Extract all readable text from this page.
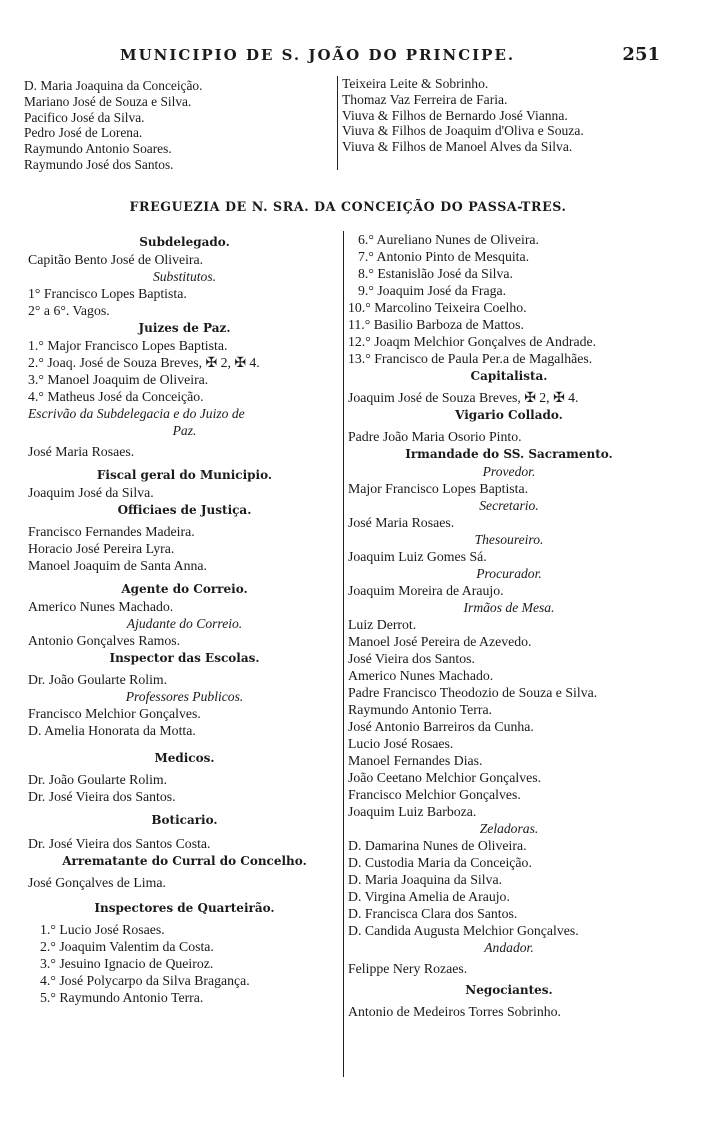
MUNICIPIO DE S. JOÃO DO PRINCIPE.	251
D. Maria Joaquina da Conceição.
Mariano José de Souza e Silva.
Pacifico José da Silva.
Pedro José de Lorena.
Raymundo Antonio Soares.
Raymundo José dos Santos.
Teixeira Leite & Sobrinho.
Thomaz Vaz Ferreira de Faria.
Viuva & Filhos de Bernardo José Vianna.
Viuva & Filhos de Joaquim d'Oliva e Souza.
Viuva & Filhos de Manoel Alves da Silva.
FREGUEZIA DE N. SRA. DA CONCEIÇÃO DO PASSA-TRES.
Subdelegado.
Capitão Bento José de Oliveira.
Substitutos.
1° Francisco Lopes Baptista.
2° a 6°. Vagos.
Juizes de Paz.
1.° Major Francisco Lopes Baptista.
2.° Joaq. José de Souza Breves, ✠ 2, ✠ 4.
3.° Manoel Joaquim de Oliveira.
4.° Matheus José da Conceição.
Escrivão da Subdelegacia e do Juizo de
Paz.
José Maria Rosaes.
Fiscal geral do Municipio.
Joaquim José da Silva.
Officiaes de Justiça.
Francisco Fernandes Madeira.
Horacio José Pereira Lyra.
Manoel Joaquim de Santa Anna.
Agente do Correio.
Americo Nunes Machado.
Ajudante do Correio.
Antonio Gonçalves Ramos.
Inspector das Escolas.
Dr. João Goularte Rolim.
Professores Publicos.
Francisco Melchior Gonçalves.
D. Amelia Honorata da Motta.
Medicos.
Dr. João Goularte Rolim.
Dr. José Vieira dos Santos.
Boticario.
Dr. José Vieira dos Santos Costa.
Arrematante do Curral do Concelho.
José Gonçalves de Lima.
Inspectores de Quarteirão.
1.° Lucio José Rosaes.
2.° Joaquim Valentim da Costa.
3.° Jesuino Ignacio de Queiroz.
4.° José Polycarpo da Silva Bragança.
5.° Raymundo Antonio Terra.
6.° Aureliano Nunes de Oliveira.
7.° Antonio Pinto de Mesquita.
8.° Estanislão José da Silva.
9.° Joaquim José da Fraga.
10.° Marcolino Teixeira Coelho.
11.° Basilio Barboza de Mattos.
12.° Joaqm Melchior Gonçalves de Andrade.
13.° Francisco de Paula Per.a de Magalhães.
Capitalista.
Joaquim José de Souza Breves, ✠ 2, ✠ 4.
Vigario Collado.
Padre João Maria Osorio Pinto.
Irmandade do SS. Sacramento.
Provedor.
Major Francisco Lopes Baptista.
Secretario.
José Maria Rosaes.
Thesoureiro.
Joaquim Luiz Gomes Sá.
Procurador.
Joaquim Moreira de Araujo.
Irmãos de Mesa.
Luiz Derrot.
Manoel José Pereira de Azevedo.
José Vieira dos Santos.
Americo Nunes Machado.
Padre Francisco Theodozio de Souza e Silva.
Raymundo Antonio Terra.
José Antonio Barreiros da Cunha.
Lucio José Rosaes.
Manoel Fernandes Dias.
João Ceetano Melchior Gonçalves.
Francisco Melchior Gonçalves.
Joaquim Luiz Barboza.
Zeladoras.
D. Damarina Nunes de Oliveira.
D. Custodia Maria da Conceição.
D. Maria Joaquina da Silva.
D. Virgina Amelia de Araujo.
D. Francisca Clara dos Santos.
D. Candida Augusta Melchior Gonçalves.
Andador.
Felippe Nery Rozaes.
Negociantes.
Antonio de Medeiros Torres Sobrinho.
